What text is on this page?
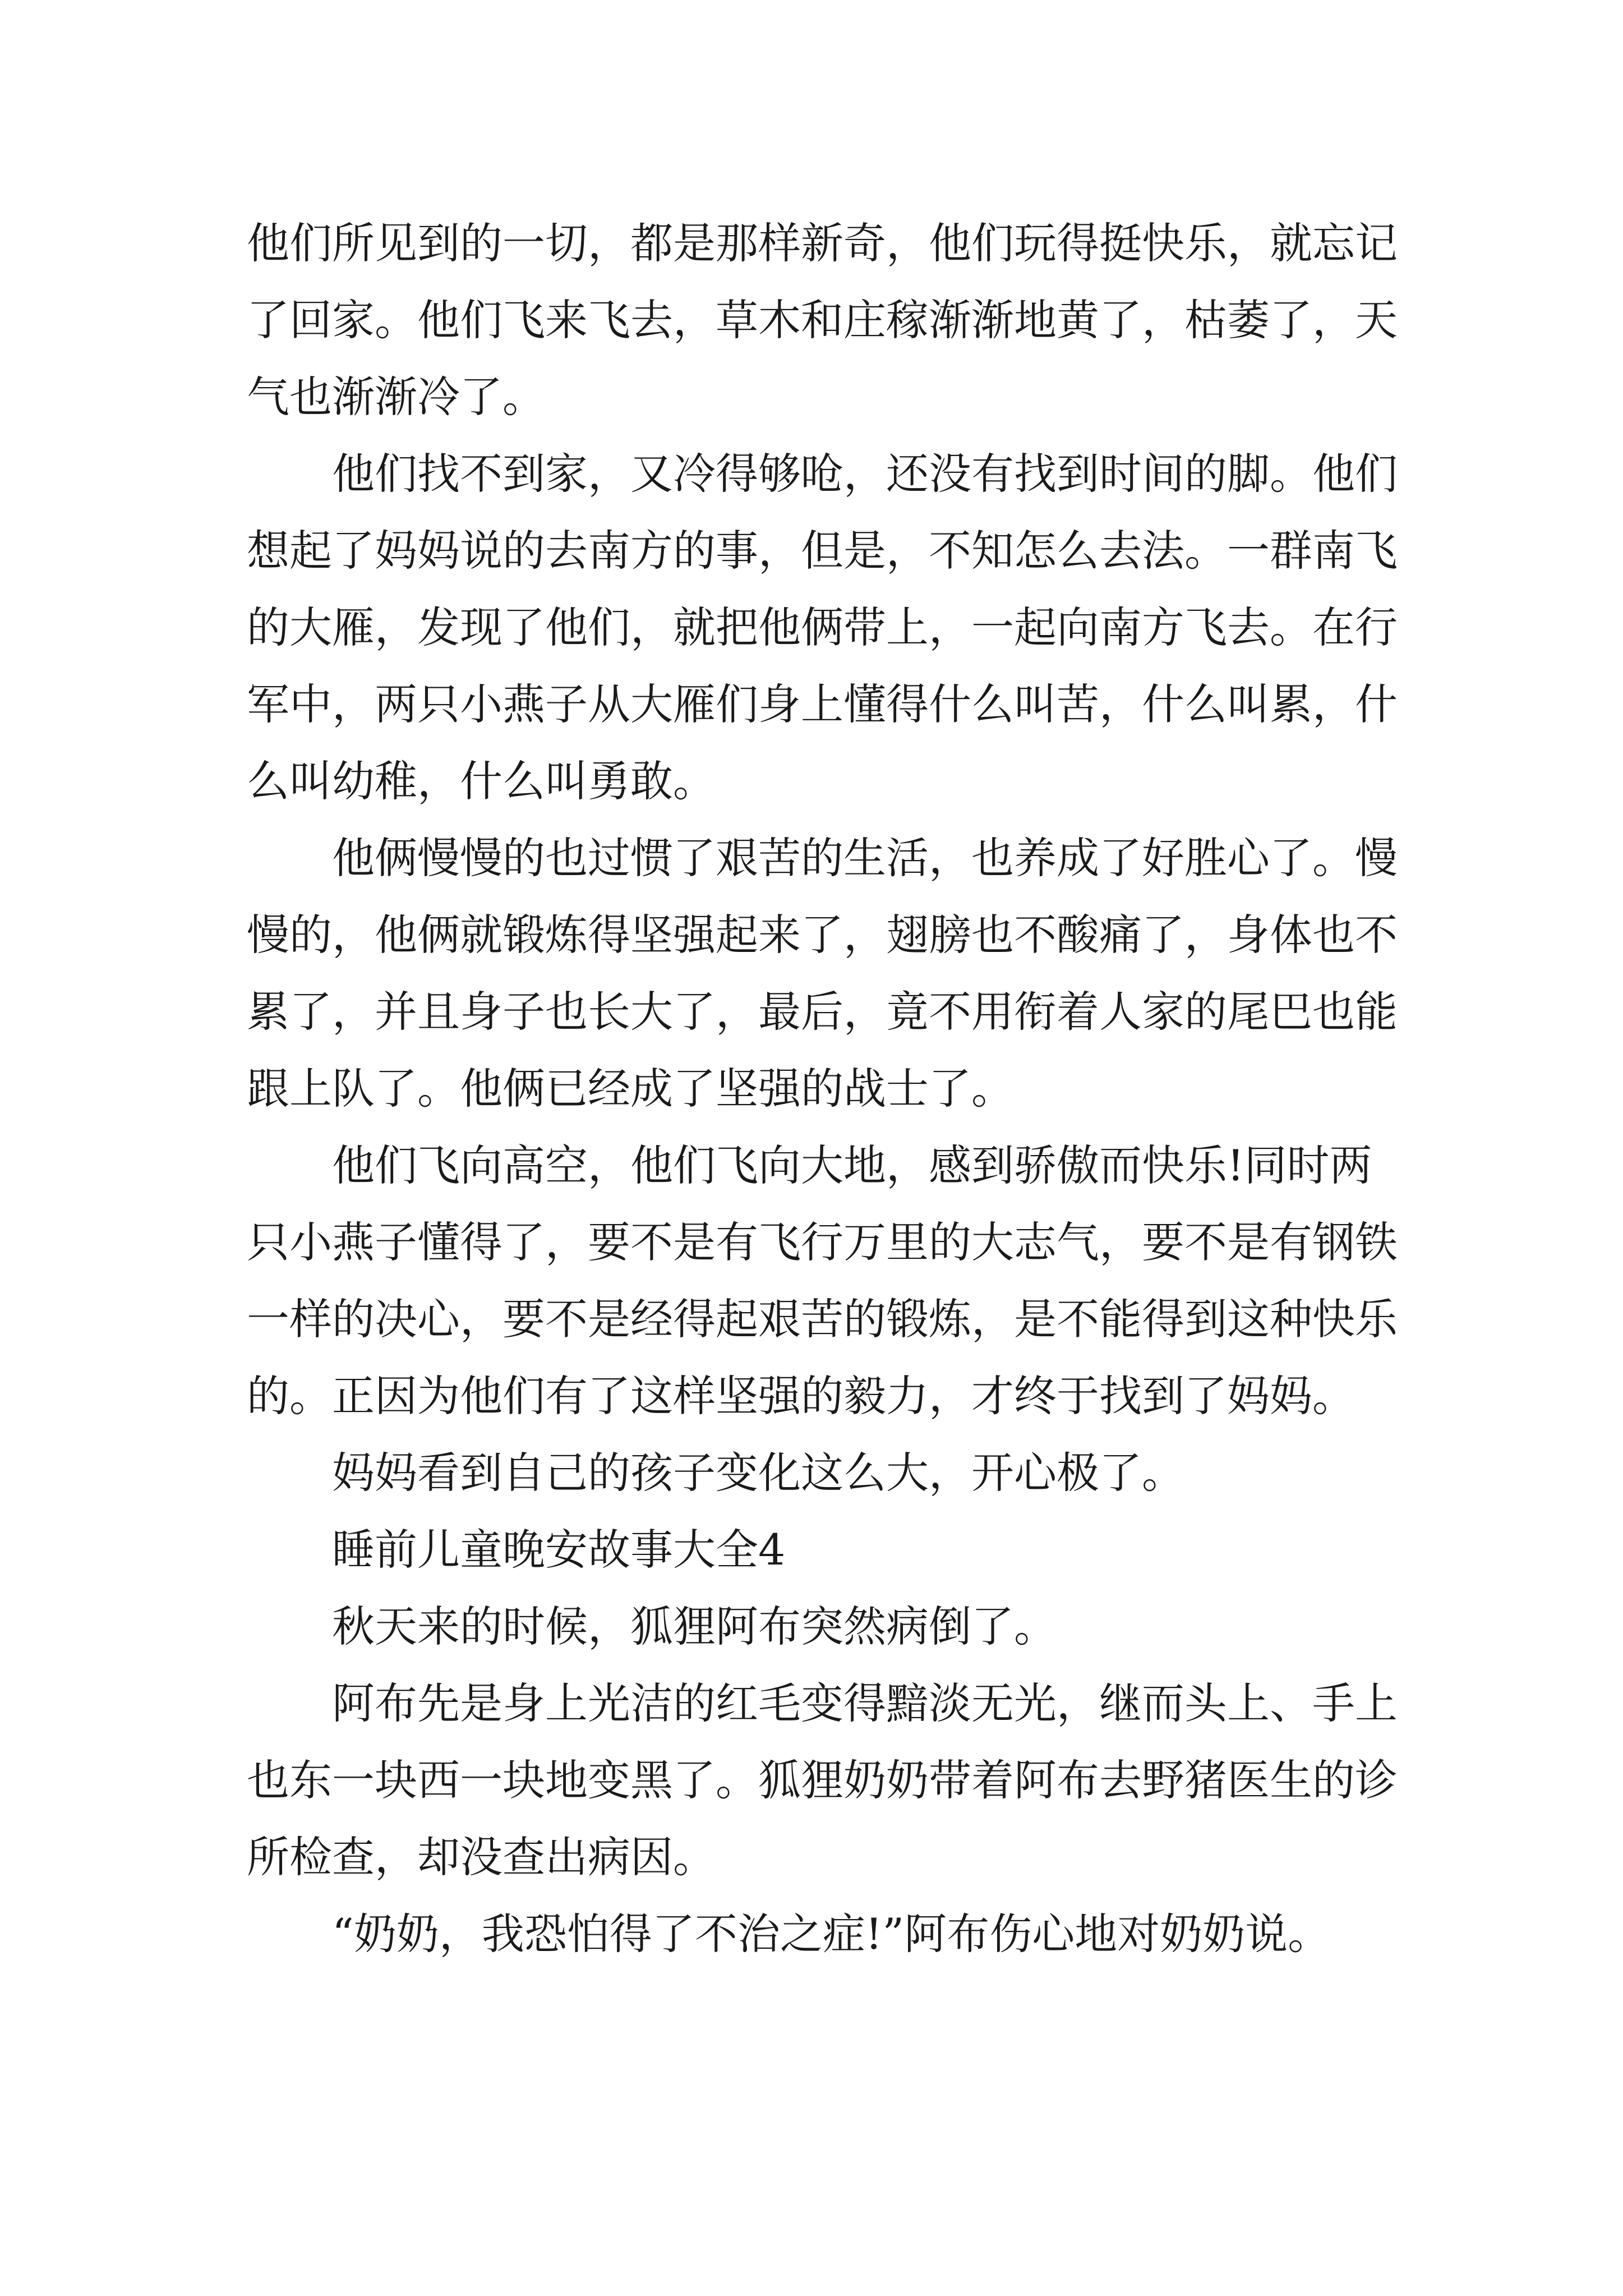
他们所见到的一切，都是那样新奇，他们玩得挺快乐，就忘记了回家。他们飞来飞去，草木和庄稼渐渐地黄了，枯萎了，天气也渐渐冷了。

他们找不到家，又冷得够呛，还没有找到时间的脚。他们想起了妈妈说的去南方的事，但是，不知怎么去法。一群南飞的大雁，发现了他们，就把他俩带上，一起向南方飞去。在行军中，两只小燕子从大雁们身上懂得什么叫苦，什么叫累，什么叫幼稚，什么叫勇敢。

他俩慢慢的也过惯了艰苦的生活，也养成了好胜心了。慢慢的，他俩就锻炼得坚强起来了，翅膀也不酸痛了，身体也不累了，并且身子也长大了，最后，竟不用衔着人家的尾巴也能跟上队了。他俩已经成了坚强的战士了。

他们飞向高空，他们飞向大地，感到骄傲而快乐!同时两只小燕子懂得了，要不是有飞行万里的大志气，要不是有钢铁一样的决心，要不是经得起艰苦的锻炼，是不能得到这种快乐的。正因为他们有了这样坚强的毅力，才终于找到了妈妈。

妈妈看到自己的孩子变化这么大，开心极了。

睡前儿童晚安故事大全4

秋天来的时候，狐狸阿布突然病倒了。

阿布先是身上光洁的红毛变得黯淡无光，继而头上、手上也东一块西一块地变黑了。狐狸奶奶带着阿布去野猪医生的诊所检查，却没查出病因。

“奶奶，我恐怕得了不治之症!”阿布伤心地对奶奶说。
